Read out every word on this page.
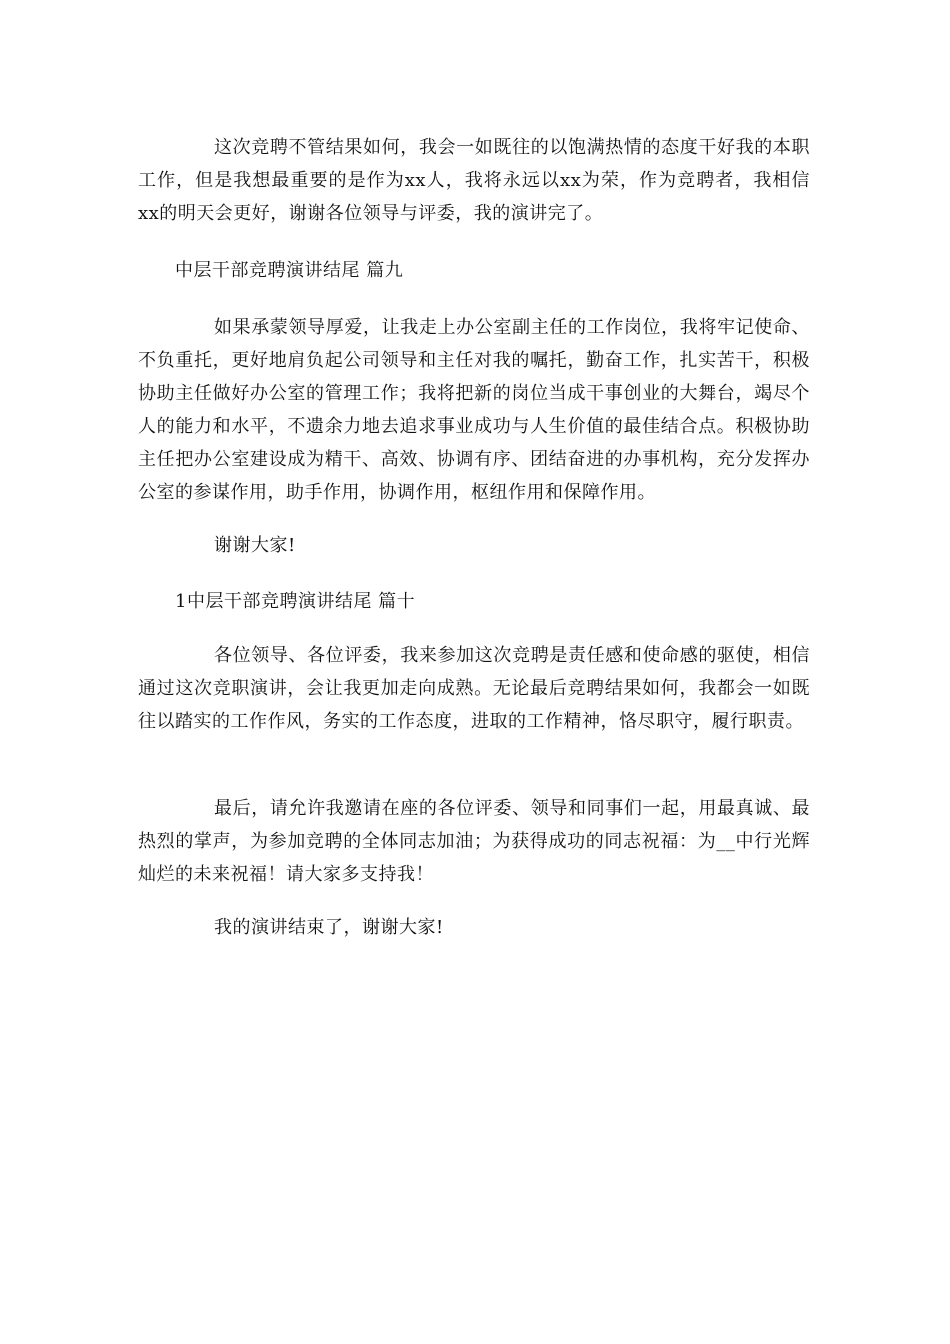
这次竞聘不管结果如何，我会一如既往的以饱满热情的态度干好我的本职工作，但是我想最重要的是作为xx人，我将永远以xx为荣，作为竞聘者，我相信xx的明天会更好，谢谢各位领导与评委，我的演讲完了。

中层干部竞聘演讲结尾 篇九

如果承蒙领导厚爱，让我走上办公室副主任的工作岗位，我将牢记使命、不负重托，更好地肩负起公司领导和主任对我的嘱托，勤奋工作，扎实苦干，积极协助主任做好办公室的管理工作；我将把新的岗位当成干事创业的大舞台，竭尽个人的能力和水平，不遗余力地去追求事业成功与人生价值的最佳结合点。积极协助主任把办公室建设成为精干、高效、协调有序、团结奋进的办事机构，充分发挥办公室的参谋作用，助手作用，协调作用，枢纽作用和保障作用。

谢谢大家!

1中层干部竞聘演讲结尾 篇十

各位领导、各位评委，我来参加这次竞聘是责任感和使命感的驱使，相信通过这次竞职演讲，会让我更加走向成熟。无论最后竞聘结果如何，我都会一如既往以踏实的工作作风，务实的工作态度，进取的工作精神，恪尽职守，履行职责。

最后，请允许我邀请在座的各位评委、领导和同事们一起，用最真诚、最热烈的掌声，为参加竞聘的全体同志加油；为获得成功的同志祝福：为__中行光辉灿烂的未来祝福！请大家多支持我！

我的演讲结束了，谢谢大家!
